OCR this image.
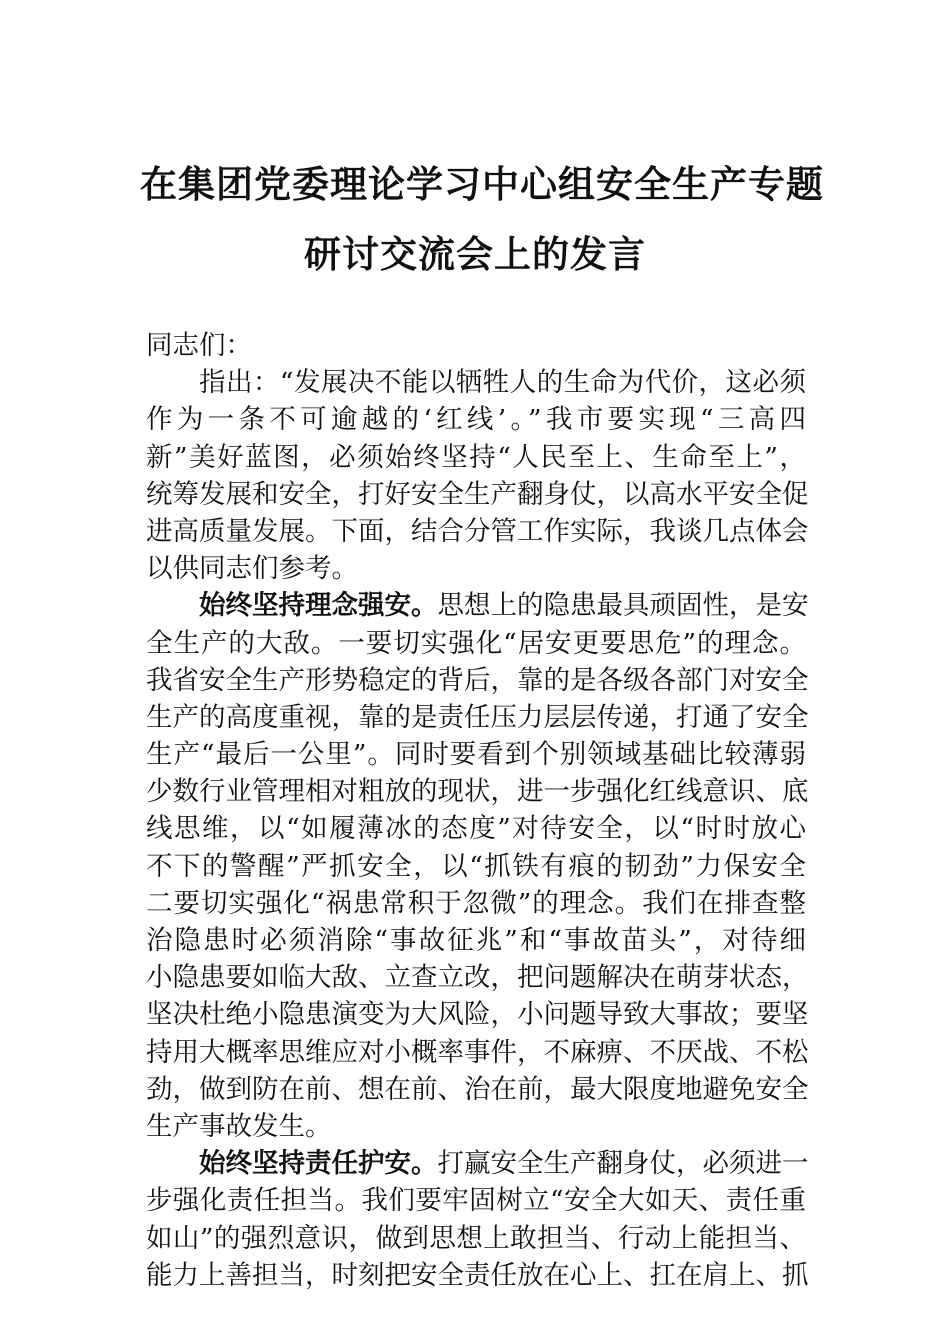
在集团党委理论学习中心组安全生产专题
研讨交流会上的发言
同志们：
指出：“发展决不能以牺牲人的生命为代价，这必须
作为一条不可逾越的‘红线’。”我市要实现“三高四
新”美好蓝图，必须始终坚持“人民至上、生命至上”，
统筹发展和安全，打好安全生产翻身仗，以高水平安全促
进高质量发展。下面，结合分管工作实际，我谈几点体会
以供同志们参考。
始终坚持理念强安。思想上的隐患最具顽固性，是安
全生产的大敌。一要切实强化“居安更要思危”的理念。
我省安全生产形势稳定的背后，靠的是各级各部门对安全
生产的高度重视，靠的是责任压力层层传递，打通了安全
生产“最后一公里”。同时要看到个别领域基础比较薄弱
少数行业管理相对粗放的现状，进一步强化红线意识、底
线思维，以“如履薄冰的态度”对待安全，以“时时放心
不下的警醒”严抓安全，以“抓铁有痕的韧劲”力保安全
二要切实强化“祸患常积于忽微”的理念。我们在排查整
治隐患时必须消除“事故征兆”和“事故苗头”，对待细
小隐患要如临大敌、立查立改，把问题解决在萌芽状态，
坚决杜绝小隐患演变为大风险，小问题导致大事故；要坚
持用大概率思维应对小概率事件，不麻痹、不厌战、不松
劲，做到防在前、想在前、治在前，最大限度地避免安全
生产事故发生。
始终坚持责任护安。打赢安全生产翻身仗，必须进一
步强化责任担当。我们要牢固树立“安全大如天、责任重
如山”的强烈意识，做到思想上敢担当、行动上能担当、
能力上善担当，时刻把安全责任放在心上、扛在肩上、抓
